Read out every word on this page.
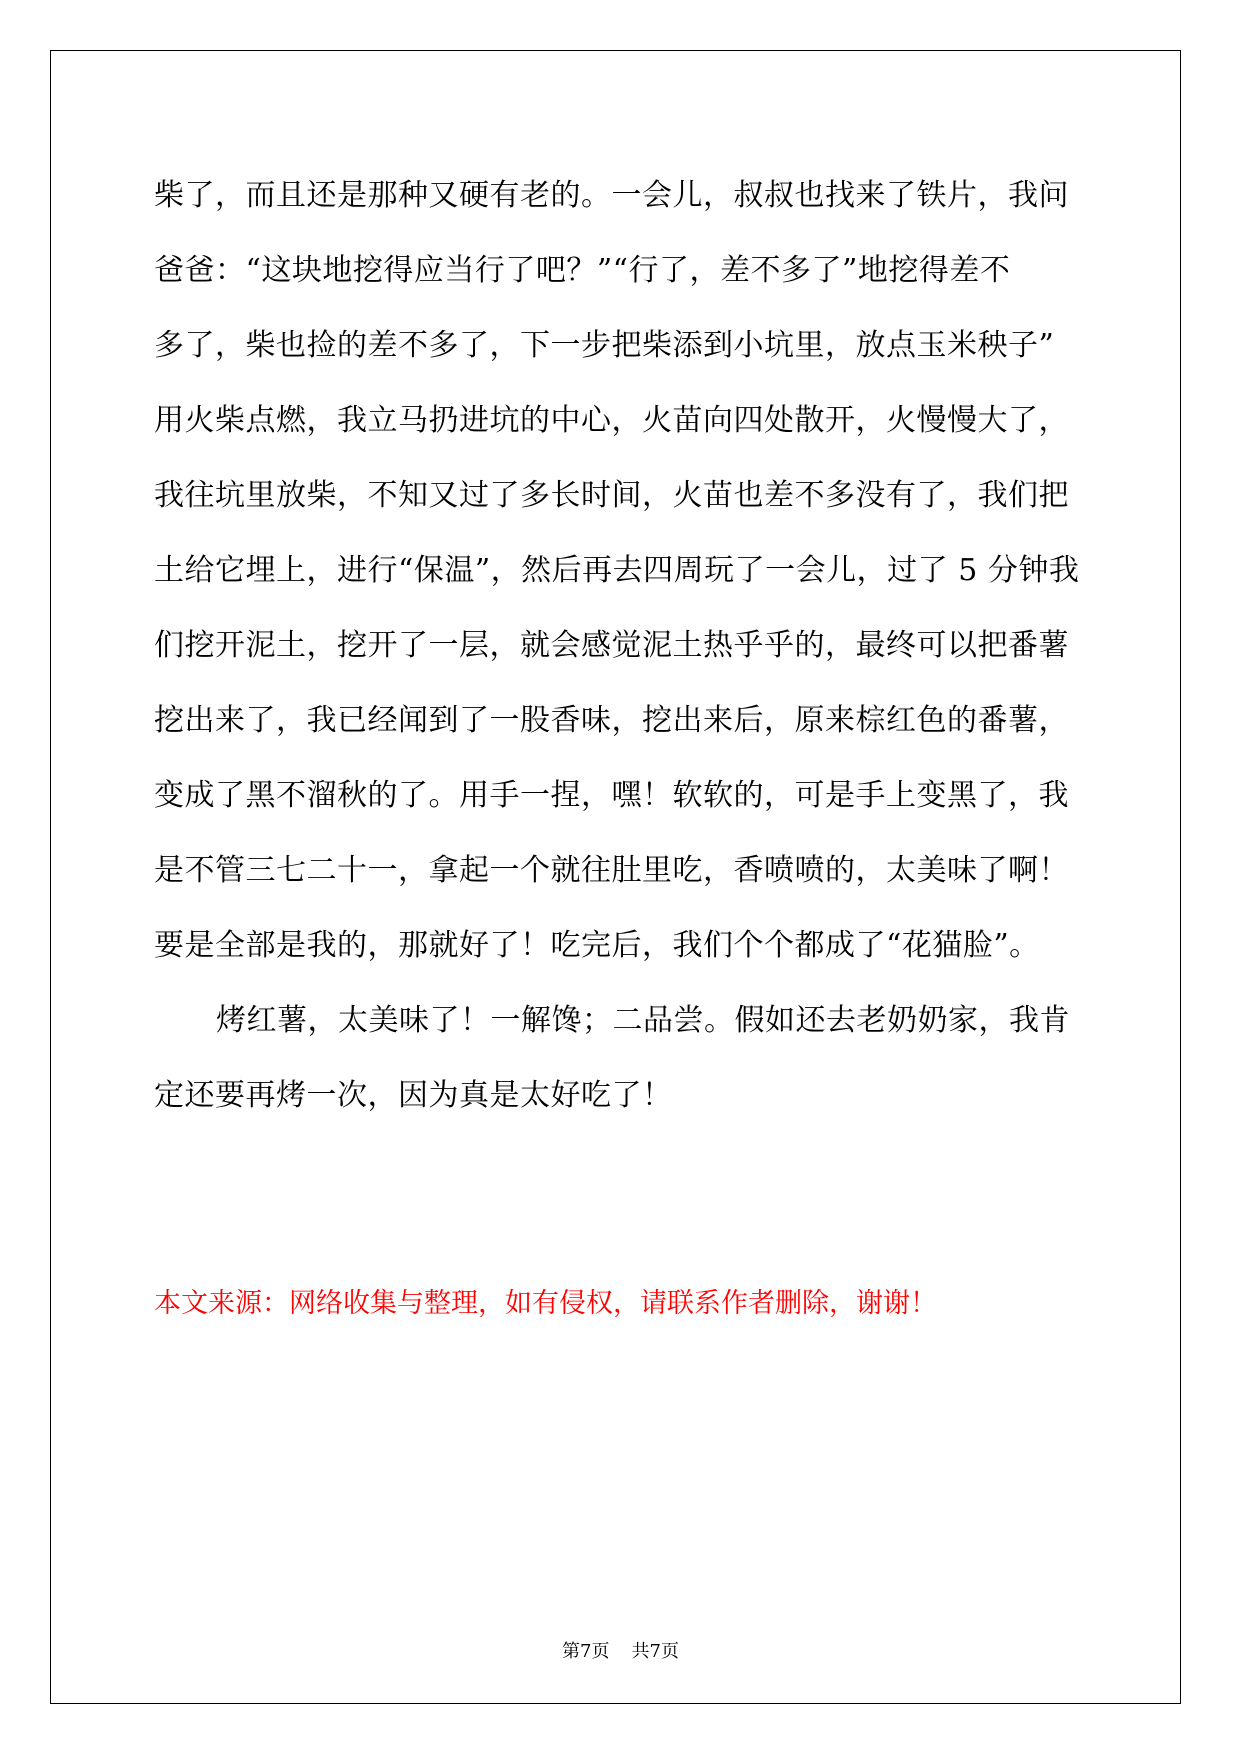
柴了，而且还是那种又硬有老的。一会儿，叔叔也找来了铁片，我问
爸爸：“这块地挖得应当行了吧？”“行了，差不多了”地挖得差不
多了，柴也捡的差不多了，下一步把柴添到小坑里，放点玉米秧子”
用火柴点燃，我立马扔进坑的中心，火苗向四处散开，火慢慢大了，
我往坑里放柴，不知又过了多长时间，火苗也差不多没有了，我们把
土给它埋上，进行“保温”，然后再去四周玩了一会儿，过了 5 分钟我
们挖开泥土，挖开了一层，就会感觉泥土热乎乎的，最终可以把番薯
挖出来了，我已经闻到了一股香味，挖出来后，原来棕红色的番薯，
变成了黑不溜秋的了。用手一捏，嘿！软软的，可是手上变黑了，我
是不管三七二十一，拿起一个就往肚里吃，香喷喷的，太美味了啊！
要是全部是我的，那就好了！吃完后，我们个个都成了“花猫脸”。
烤红薯，太美味了！一解馋；二品尝。假如还去老奶奶家，我肯
定还要再烤一次，因为真是太好吃了！
本文来源：网络收集与整理，如有侵权，请联系作者删除，谢谢！
第7页 共7页
